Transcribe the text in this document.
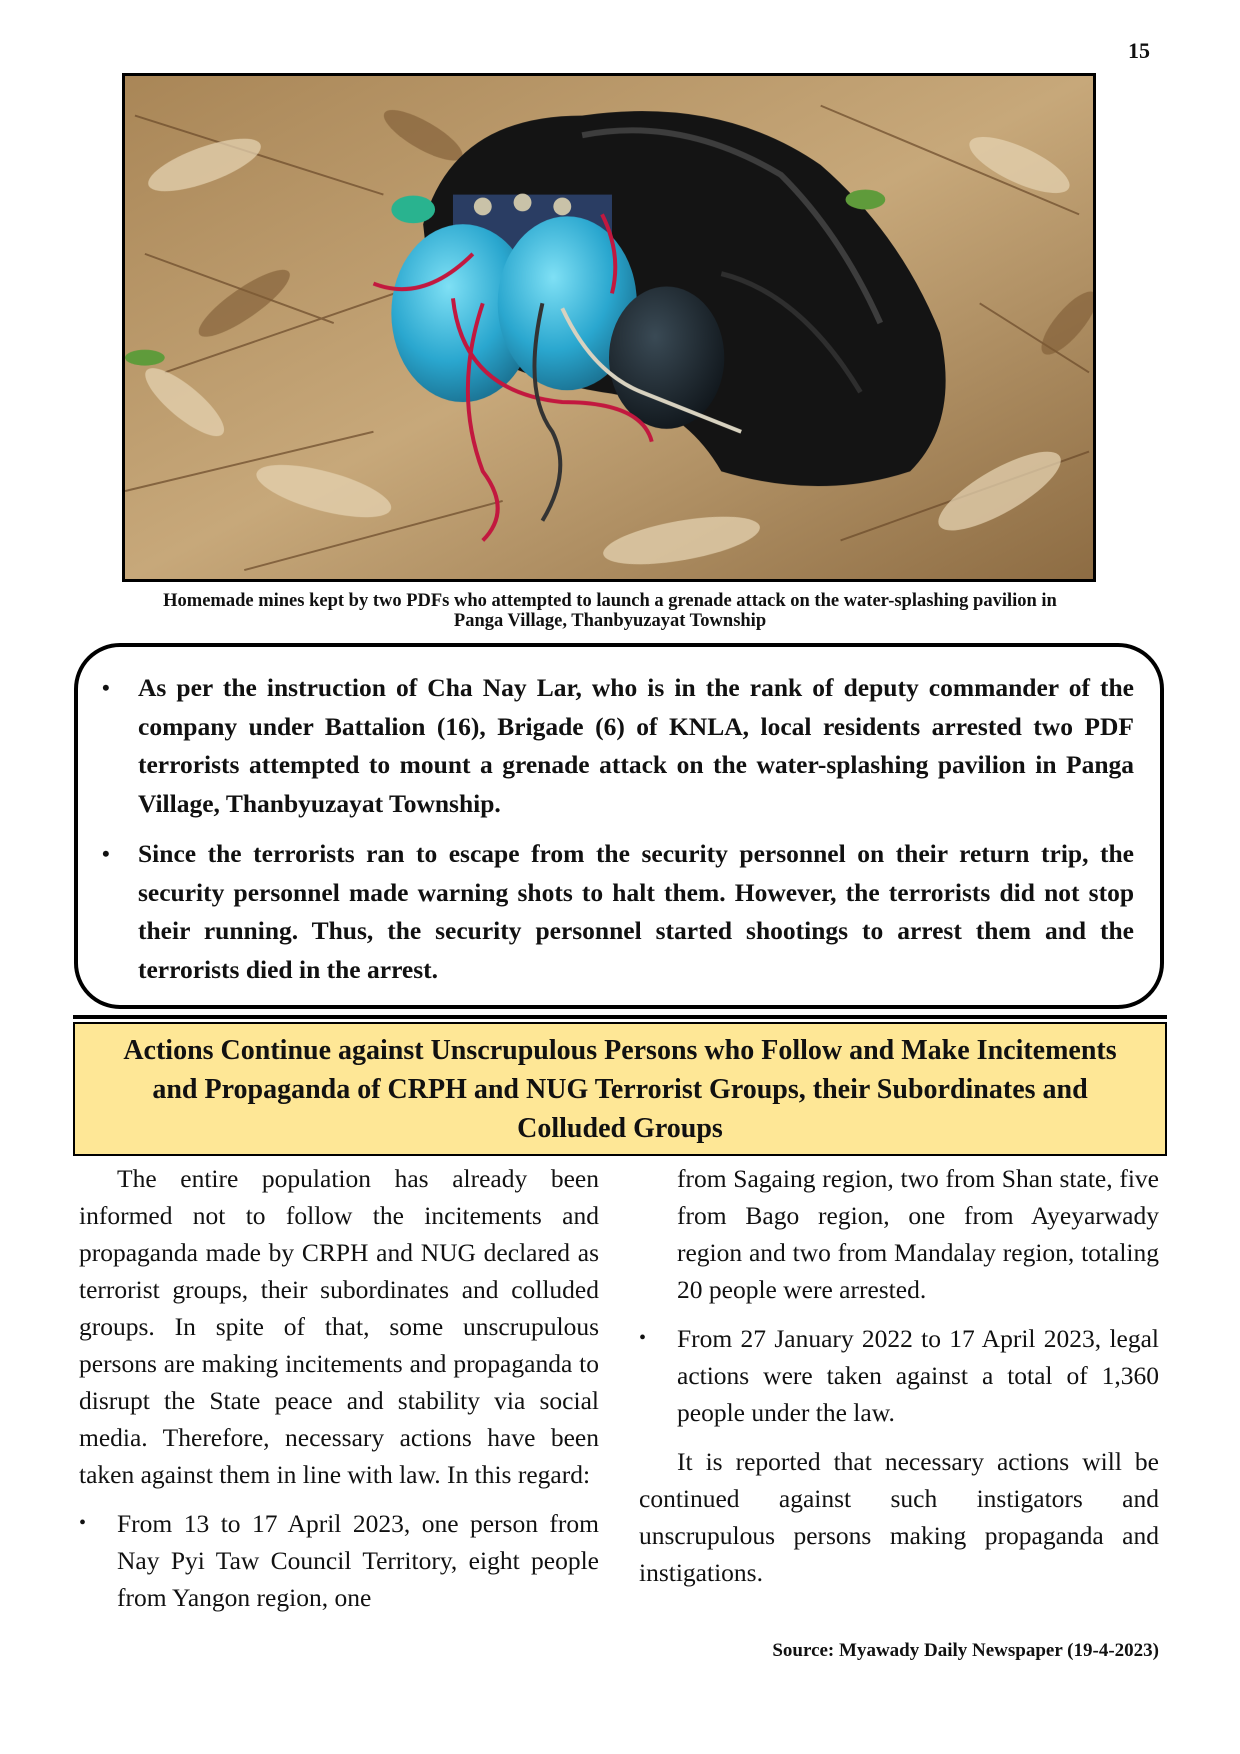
15
Homemade mines kept by two PDFs who attempted to launch a grenade attack on the water-splashing pavilion in
Panga Village, Thanbyuzayat Township
• As per the instruction of Cha Nay Lar, who is in the rank of deputy commander of the company under Battalion (16), Brigade (6) of KNLA, local residents arrested two PDF terrorists attempted to mount a grenade attack on the water-splashing pavilion in Panga Village, Thanbyuzayat Township.
• Since the terrorists ran to escape from the security personnel on their return trip, the security personnel made warning shots to halt them. However, the terrorists did not stop their running. Thus, the security personnel started shootings to arrest them and the terrorists died in the arrest.
Actions Continue against Unscrupulous Persons who Follow and Make Incitements and Propaganda of CRPH and NUG Terrorist Groups, their Subordinates and Colluded Groups

The entire population has already been informed not to follow the incitements and propaganda made by CRPH and NUG declared as terrorist groups, their subordinates and colluded groups. In spite of that, some unscrupulous persons are making incitements and propaganda to disrupt the State peace and stability via social media. Therefore, necessary actions have been taken against them in line with law. In this regard:

• From 13 to 17 April 2023, one person from Nay Pyi Taw Council Territory, eight people from Yangon region, one
from Sagaing region, two from Shan state, five from Bago region, one from Ayeyarwady region and two from Mandalay region, totaling 20 people were arrested.
• From 27 January 2022 to 17 April 2023, legal actions were taken against a total of 1,360 people under the law.

It is reported that necessary actions will be continued against such instigators and unscrupulous persons making propaganda and instigations.

Source: Myawady Daily Newspaper (19-4-2023)
